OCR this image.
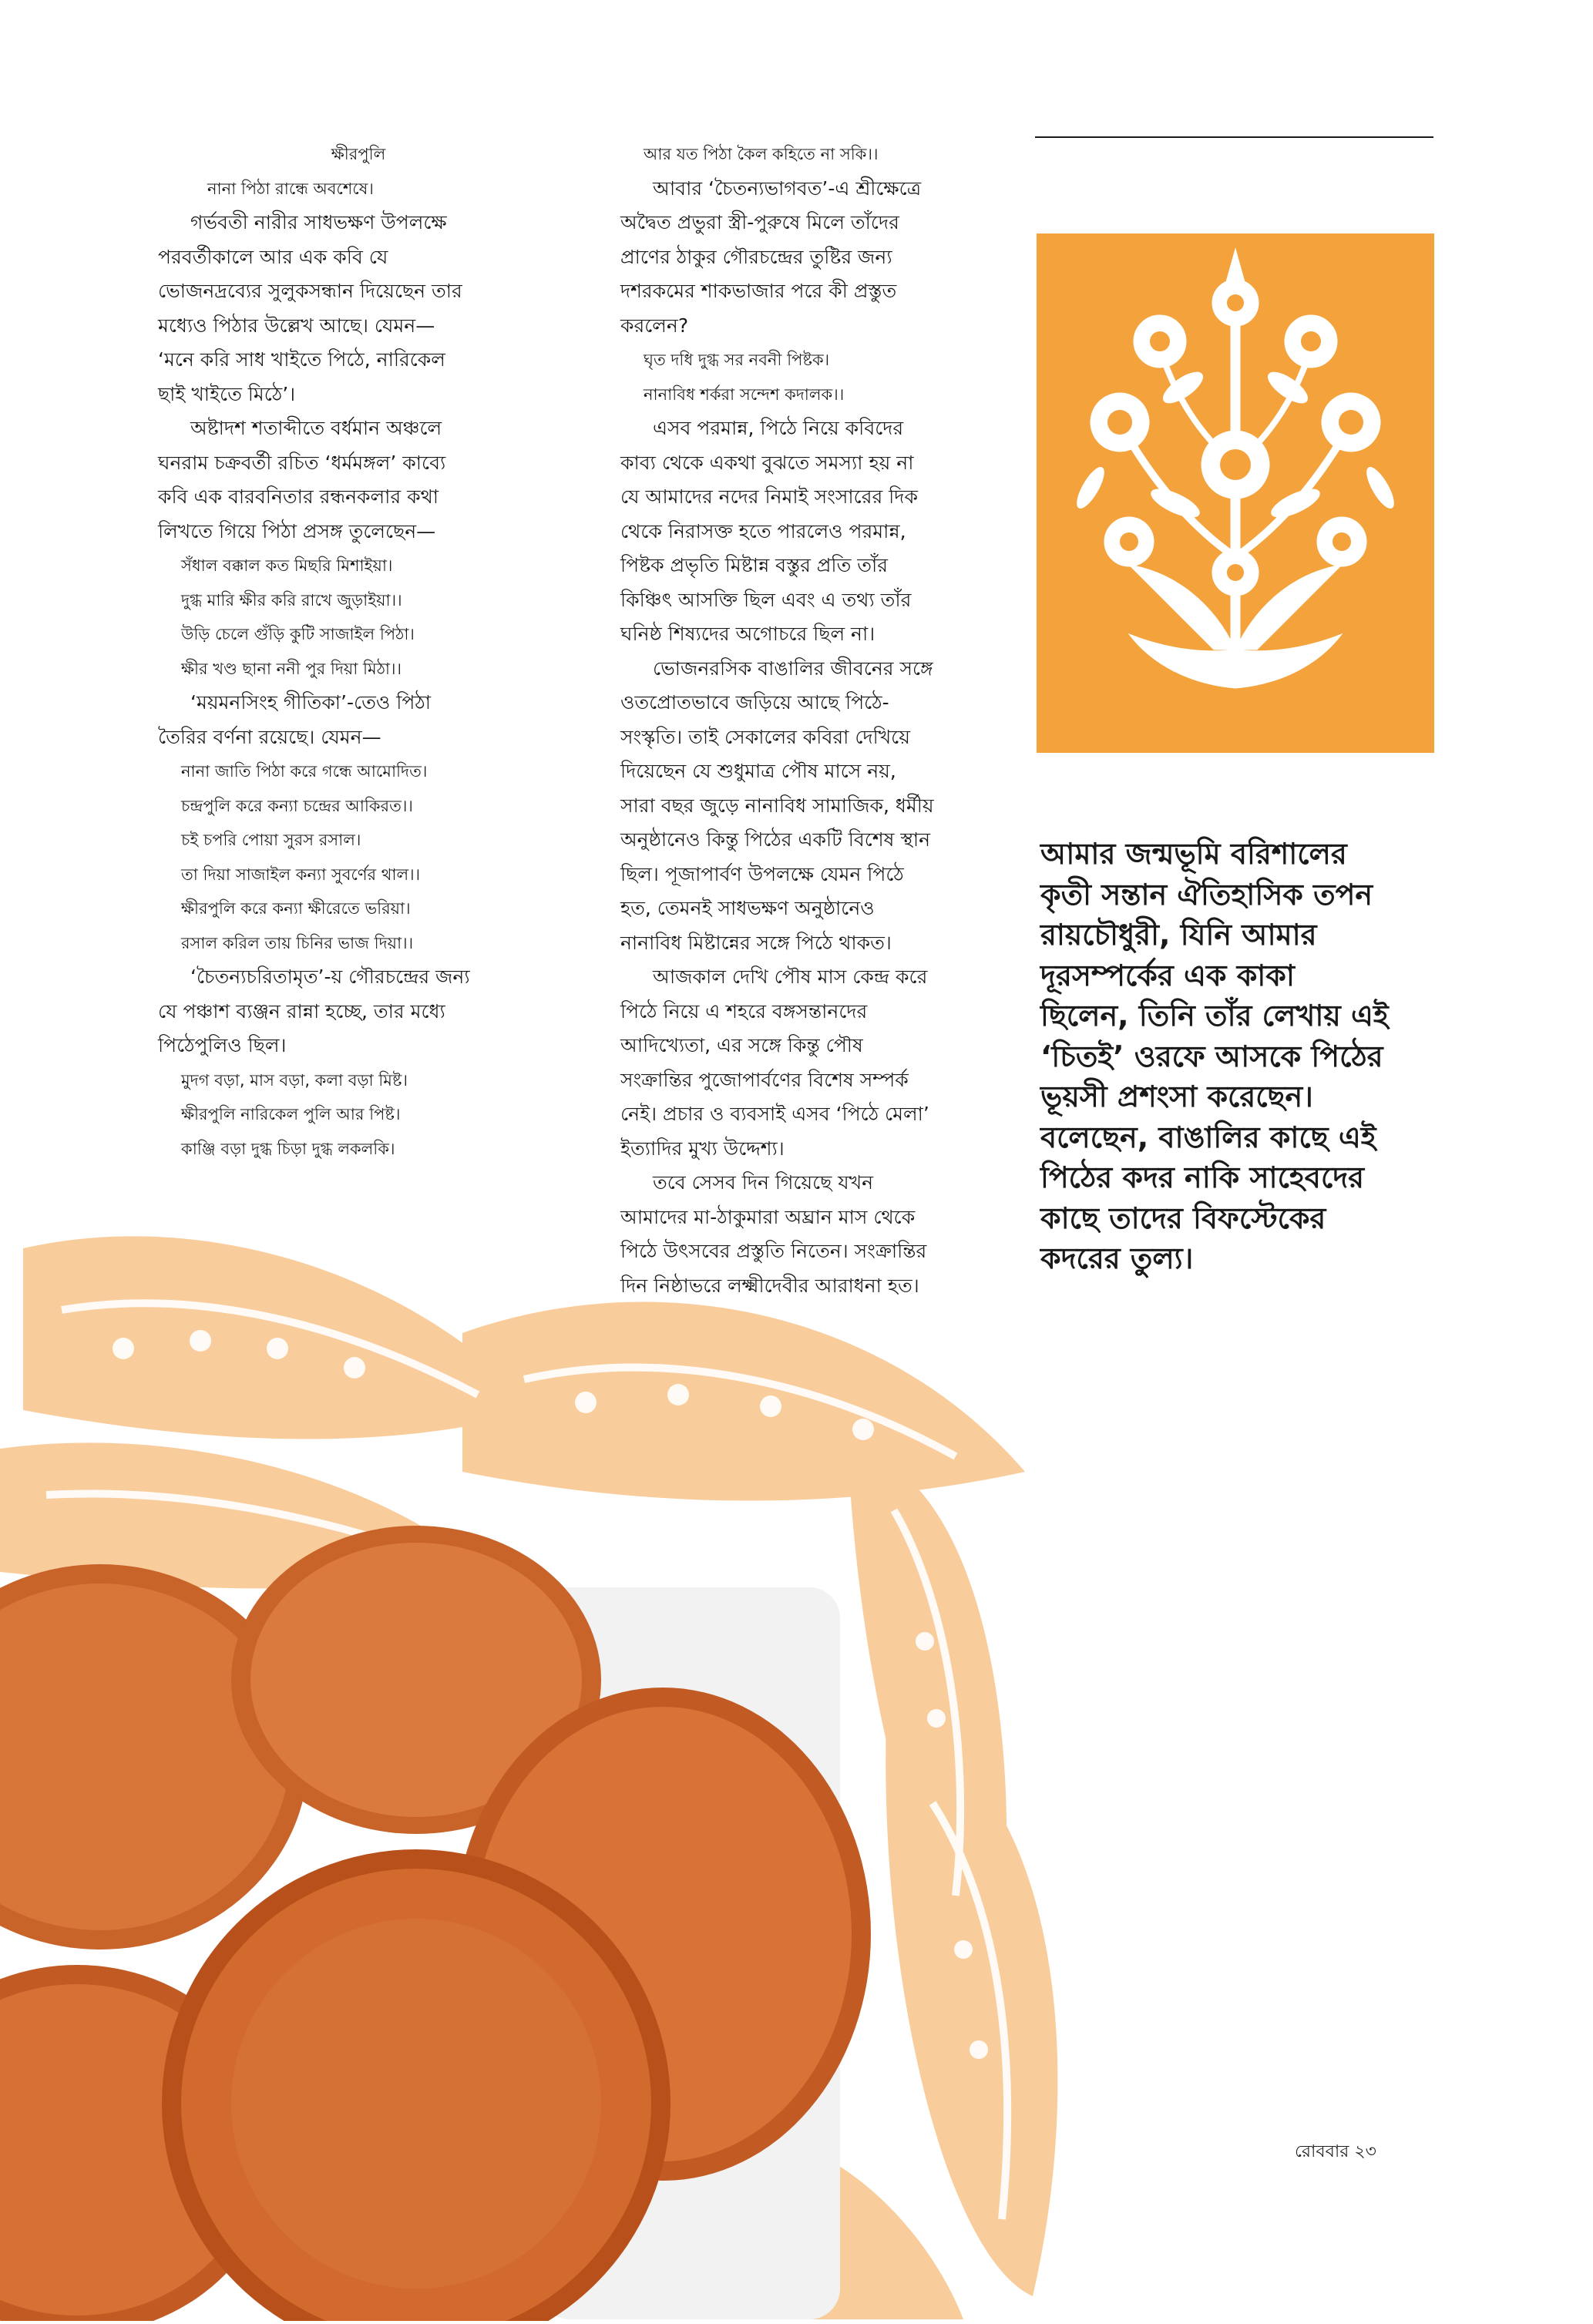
ক্ষীরপুলি

নানা পিঠা রান্ধে অবশেষে।

গর্ভবতী নারীর সাধভক্ষণ উপলক্ষে

পরবর্তীকালে আর এক কবি যে

ভোজনদ্রব্যের সুলুকসন্ধান দিয়েছেন তার

মধ্যেও পিঠার উল্লেখ আছে। যেমন—

‘মনে করি সাধ খাইতে পিঠে, নারিকেল

ছাই খাইতে মিঠে’।

অষ্টাদশ শতাব্দীতে বর্ধমান অঞ্চলে

ঘনরাম চক্রবর্তী রচিত ‘ধর্মমঙ্গল’ কাব্যে

কবি এক বারবনিতার রন্ধনকলার কথা

লিখতে গিয়ে পিঠা প্রসঙ্গ তুলেছেন—

সঁধাল বক্কাল কত মিছরি মিশাইয়া।

দুগ্ধ মারি ক্ষীর করি রাখে জুড়াইয়া।।

উড়ি চেলে গুঁড়ি কুটি সাজাইল পিঠা।

ক্ষীর খণ্ড ছানা ননী পুর দিয়া মিঠা।।

‘ময়মনসিংহ গীতিকা’-তেও পিঠা

তৈরির বর্ণনা রয়েছে। যেমন—

নানা জাতি পিঠা করে গন্ধে আমোদিত।

চন্দ্রপুলি করে কন্যা চন্দ্রের আকিরত।।

চই চপরি পোয়া সুরস রসাল।

তা দিয়া সাজাইল কন্যা সুবর্ণের থাল।।

ক্ষীরপুলি করে কন্যা ক্ষীরেতে ভরিয়া।

রসাল করিল তায় চিনির ভাজ দিয়া।।

‘চৈতন্যচরিতামৃত’-য় গৌরচন্দ্রের জন্য

যে পঞ্চাশ ব্যঞ্জন রান্না হচ্ছে, তার মধ্যে

পিঠেপুলিও ছিল।

মুদগ বড়া, মাস বড়া, কলা বড়া মিষ্ট।

ক্ষীরপুলি নারিকেল পুলি আর পিষ্ট।

কাঞ্জি বড়া দুগ্ধ চিড়া দুগ্ধ লকলকি।

আর যত পিঠা কৈল কহিতে না সকি।।

আবার ‘চৈতন্যভাগবত’-এ শ্রীক্ষেত্রে

অদ্বৈত প্রভুরা স্ত্রী-পুরুষে মিলে তাঁদের

প্রাণের ঠাকুর গৌরচন্দ্রের তুষ্টির জন্য

দশরকমের শাকভাজার পরে কী প্রস্তুত

করলেন?

ঘৃত দধি দুগ্ধ সর নবনী পিষ্টক।

নানাবিধ শর্করা সন্দেশ কদালক।।

এসব পরমান্ন, পিঠে নিয়ে কবিদের

কাব্য থেকে একথা বুঝতে সমস্যা হয় না

যে আমাদের নদের নিমাই সংসারের দিক

থেকে নিরাসক্ত হতে পারলেও পরমান্ন,

পিষ্টক প্রভৃতি মিষ্টান্ন বস্তুর প্রতি তাঁর

কিঞ্চিৎ আসক্তি ছিল এবং এ তথ্য তাঁর

ঘনিষ্ঠ শিষ্যদের অগোচরে ছিল না।

ভোজনরসিক বাঙালির জীবনের সঙ্গে

ওতপ্রোতভাবে জড়িয়ে আছে পিঠে-

সংস্কৃতি। তাই সেকালের কবিরা দেখিয়ে

দিয়েছেন যে শুধুমাত্র পৌষ মাসে নয়,

সারা বছর জুড়ে নানাবিধ সামাজিক, ধর্মীয়

অনুষ্ঠানেও কিন্তু পিঠের একটি বিশেষ স্থান

ছিল। পূজাপার্বণ উপলক্ষে যেমন পিঠে

হত, তেমনই সাধভক্ষণ অনুষ্ঠানেও

নানাবিধ মিষ্টান্নের সঙ্গে পিঠে থাকত।

আজকাল দেখি পৌষ মাস কেন্দ্র করে

পিঠে নিয়ে এ শহরে বঙ্গসন্তানদের

আদিখ্যেতা, এর সঙ্গে কিন্তু পৌষ

সংক্রান্তির পুজোপার্বণের বিশেষ সম্পর্ক

নেই। প্রচার ও ব্যবসাই এসব ‘পিঠে মেলা’

ইত্যাদির মুখ্য উদ্দেশ্য।

তবে সেসব দিন গিয়েছে যখন

আমাদের মা-ঠাকুমারা অঘ্রান মাস থেকে

পিঠে উৎসবের প্রস্তুতি নিতেন। সংক্রান্তির

দিন নিষ্ঠাভরে লক্ষ্মীদেবীর আরাধনা হত।

আমার জন্মভূমি বরিশালের

কৃতী সন্তান ঐতিহাসিক তপন

রায়চৌধুরী, যিনি আমার

দূরসম্পর্কের এক কাকা

ছিলেন, তিনি তাঁর লেখায় এই

‘চিতই’ ওরফে আসকে পিঠের

ভূয়সী প্রশংসা করেছেন।

বলেছেন, বাঙালির কাছে এই

পিঠের কদর নাকি সাহেবদের

কাছে তাদের বিফস্টেকের

কদরের তুল্য।

রোববার ২৩
